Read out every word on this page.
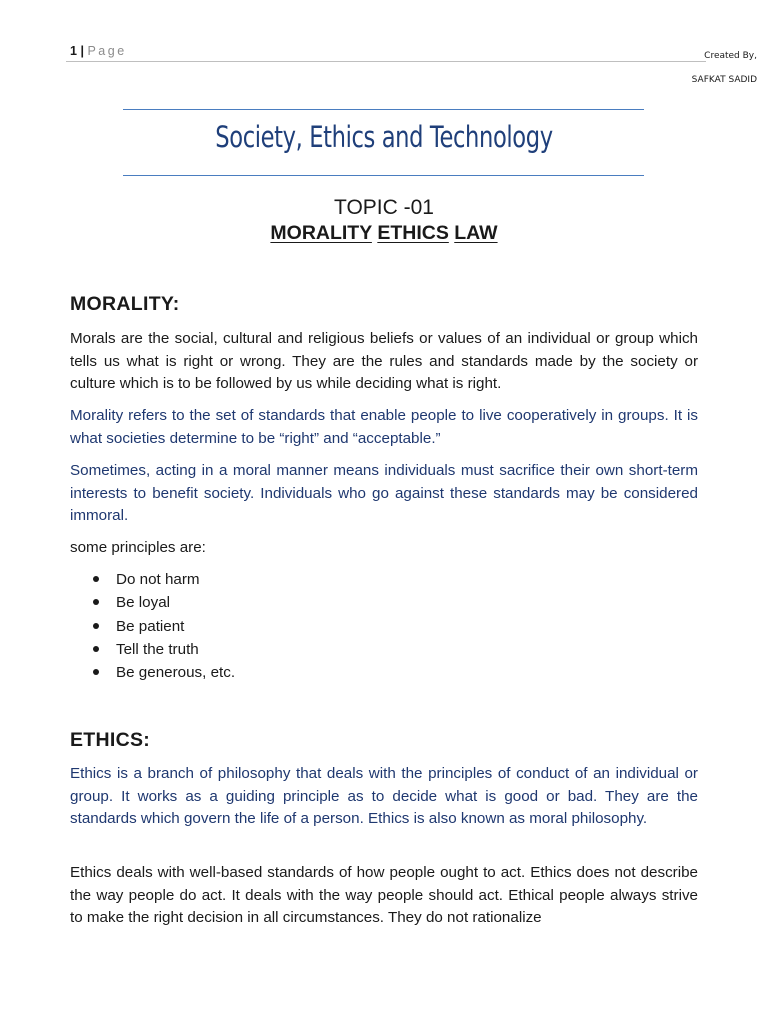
1 | Page	Created By,
SAFKAT SADID
Society, Ethics and Technology
TOPIC -01
MORALITY ETHICS LAW
MORALITY:
Morals are the social, cultural and religious beliefs or values of an individual or group which tells us what is right or wrong. They are the rules and standards made by the society or culture which is to be followed by us while deciding what is right.
Morality refers to the set of standards that enable people to live cooperatively in groups. It is what societies determine to be “right” and “acceptable.”
Sometimes, acting in a moral manner means individuals must sacrifice their own short-term interests to benefit society. Individuals who go against these standards may be considered immoral.
some principles are:
Do not harm
Be loyal
Be patient
Tell the truth
Be generous, etc.
ETHICS:
Ethics is a branch of philosophy that deals with the principles of conduct of an individual or group. It works as a guiding principle as to decide what is good or bad. They are the standards which govern the life of a person. Ethics is also known as moral philosophy.
Ethics deals with well-based standards of how people ought to act. Ethics does not describe the way people do act. It deals with the way people should act. Ethical people always strive to make the right decision in all circumstances. They do not rationalize
